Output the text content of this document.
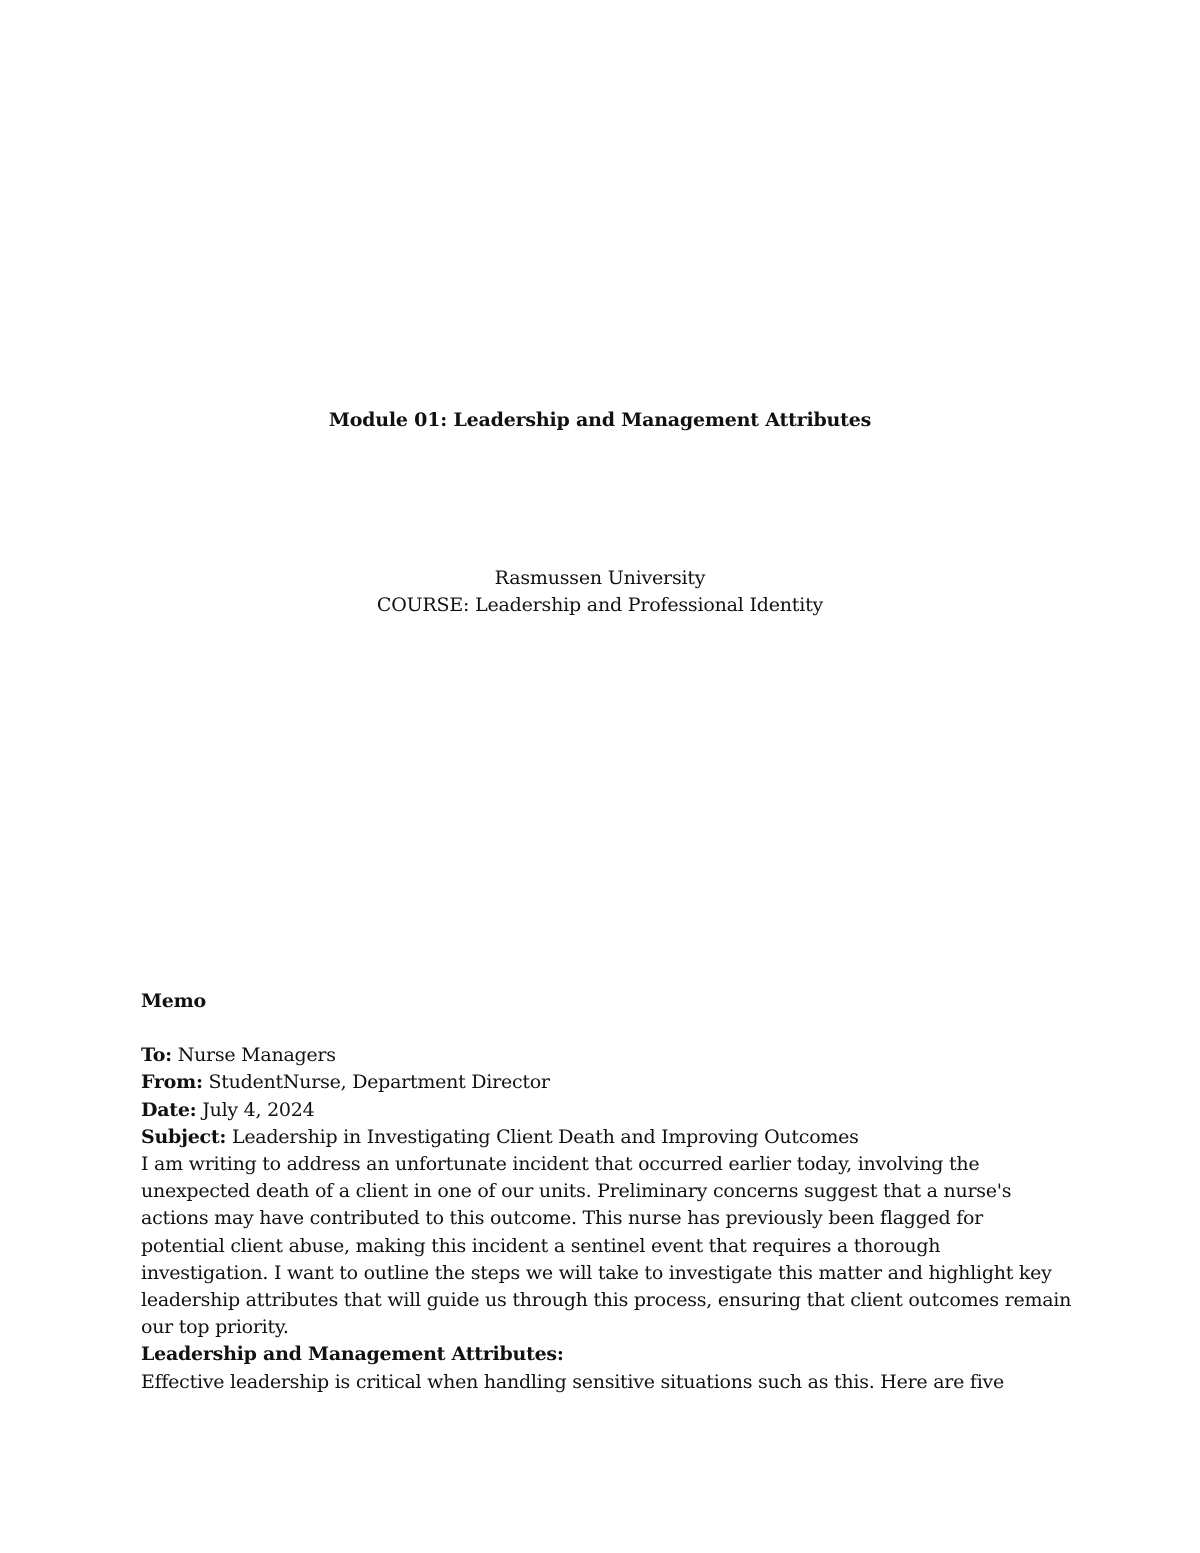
Module 01: Leadership and Management Attributes
Rasmussen University
COURSE: Leadership and Professional Identity
Memo
To: Nurse Managers
From: StudentNurse, Department Director
Date: July 4, 2024
Subject: Leadership in Investigating Client Death and Improving Outcomes
I am writing to address an unfortunate incident that occurred earlier today, involving the
unexpected death of a client in one of our units. Preliminary concerns suggest that a nurse's
actions may have contributed to this outcome. This nurse has previously been flagged for
potential client abuse, making this incident a sentinel event that requires a thorough
investigation. I want to outline the steps we will take to investigate this matter and highlight key
leadership attributes that will guide us through this process, ensuring that client outcomes remain
our top priority.
Leadership and Management Attributes:
Effective leadership is critical when handling sensitive situations such as this. Here are five
